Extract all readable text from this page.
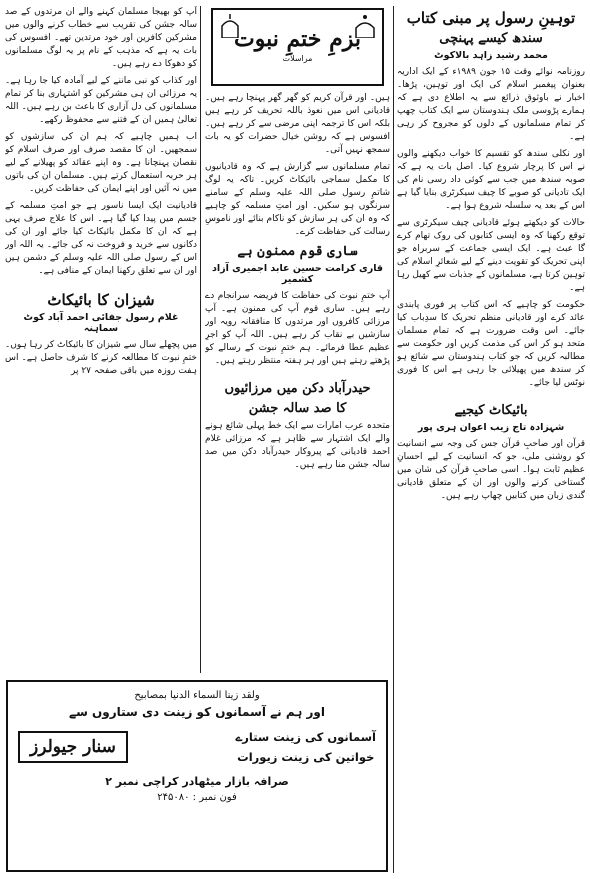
توہینِ رسول پر مبنی کتاب
سندھ کیسے پہنچی
محمد رشید زاہد بالاکوٹ

روزنامہ نوائے وقت ۱۵ جون ۱۹۸۹ء کے ایک اداریہ بعنوان پیغمبر اسلام کی ایک اور توہین، پڑھا۔ اخبار نے باوثوق ذرائع سے یہ اطلاع دی ہے کہ ہمارے پڑوسی ملک ہندوستان سے ایک کتاب چھپ کر تمام مسلمانوں کے دلوں کو مجروح کر رہی ہے۔

اور نکلی سندھ کو تقسیم کا خواب دیکھنے والوں نے اس کا پرچار شروع کیا۔ اصل بات یہ ہے کہ صوبہ سندھ میں جب سے کوئی داد رسی نام کی ایک تادیانی کو صوبے کا چیف سیکرٹری بنایا گیا ہے اس کے بعد یہ سلسلہ شروع ہوا ہے۔

حالات کو دیکھتے ہوئے قادیانی چیف سیکرٹری سے توقع رکھنا کہ وہ ایسی کتابوں کی روک تھام کرے گا عبث ہے۔ ایک ایسی جماعت کے سربراہ جو اپنی تحریک کو تقویت دینے کے لیے شعائرِ اسلام کی توہین کرتا ہے، مسلمانوں کے جذبات سے کھیل رہا ہے۔

حکومت کو چاہیے کہ اس کتاب پر فوری پابندی عائد کرے اور قادیانی منظم تحریک کا سدِباب کیا جائے۔ اس وقت ضرورت ہے کہ تمام مسلمان متحد ہو کر اس کی مذمت کریں اور حکومت سے مطالبہ کریں کہ جو کتاب ہندوستان سے شائع ہو کر سندھ میں پھیلائی جا رہی ہے اس کا فوری نوٹس لیا جائے۔

بائیکاٹ کیجیے
شہزادہ تاج زیب اعوان ہری پور

قرآن اور صاحبِ قرآن جس کی وجہ سے انسانیت کو روشنی ملی، جو کہ انسانیت کے لیے احسانِ عظیم ثابت ہوا۔ اسی صاحبِ قرآن کی شان میں گستاخی کرنے والوں اور ان کے متعلق قادیانی گندی زبان میں کتابیں چھاپ رہے ہیں۔

بزمِ ختمِ نبوت
مراسلات

ہیں۔ اور قرآن کریم کو گھر گھر پہنچا رہے ہیں۔ قادیانی اس میں نعوذ باللہ تحریف کر رہے ہیں بلکہ اس کا ترجمہ اپنی مرضی سے کر رہے ہیں۔ افسوس ہے کہ روشن خیال حضرات کو یہ بات سمجھ نہیں آتی۔

تمام مسلمانوں سے گزارش ہے کہ وہ قادیانیوں کا مکمل سماجی بائیکاٹ کریں۔ تاکہ یہ لوگ شاتمِ رسول صلی اللہ علیہ وسلم کے سامنے سرنگوں ہو سکیں۔ اور امتِ مسلمہ کو چاہیے کہ وہ ان کی ہر سازش کو ناکام بنائے اور ناموسِ رسالت کی حفاظت کرے۔

ساری قوم ممنون ہے
قاری کرامت حسین عابد اجمیری آزاد کشمیر

آپ ختمِ نبوت کی حفاظت کا فریضہ سرانجام دے رہے ہیں۔ ساری قوم آپ کی ممنون ہے۔ آپ مرزائی کافروں اور مرتدوں کا منافقانہ رویہ اور سازشیں بے نقاب کر رہے ہیں۔ اللہ آپ کو اجرِ عظیم عطا فرمائے۔ ہم ختمِ نبوت کے رسالے کو پڑھتے رہتے ہیں اور ہر ہفتہ منتظر رہتے ہیں۔

حیدرآباد دکن میں مرزائیوں
کا صد سالہ جشن

متحدہ عرب امارات سے ایک خط پہلی شائع ہونے والے ایک اشتہار سے ظاہر ہے کہ مرزائی غلام احمد قادیانی کے پیروکار حیدرآباد دکن میں صد سالہ جشن منا رہے ہیں۔

آپ کو بھیجا مسلمان کہنے والے ان مرتدوں کے صد سالہ جشن کی تقریب سے خطاب کرنے والوں میں مشرکین کافرین اور خود مرتدین تھے۔ افسوس کی بات یہ ہے کہ مذہب کے نام پر یہ لوگ مسلمانوں کو دھوکا دے رہے ہیں۔

اور کذاب کو نبی ماننے کے لیے آمادہ کیا جا رہا ہے۔ یہ مرزائی ان ہی مشرکین کو اشتہاری بنا کر تمام مسلمانوں کی دل آزاری کا باعث بن رہے ہیں۔ اللہ تعالیٰ ہمیں ان کے فتنے سے محفوظ رکھے۔

اب ہمیں چاہیے کہ ہم ان کی سازشوں کو سمجھیں۔ ان کا مقصد صرف اور صرف اسلام کو نقصان پہنچانا ہے۔ وہ اپنے عقائد کو پھیلانے کے لیے ہر حربہ استعمال کرتے ہیں۔ مسلمان ان کی باتوں میں نہ آئیں اور اپنے ایمان کی حفاظت کریں۔

قادیانیت ایک ایسا ناسور ہے جو امتِ مسلمہ کے جسم میں پیدا کیا گیا ہے۔ اس کا علاج صرف یہی ہے کہ ان کا مکمل بائیکاٹ کیا جائے اور ان کی دکانوں سے خرید و فروخت نہ کی جائے۔ یہ اللہ اور اس کے رسول صلی اللہ علیہ وسلم کے دشمن ہیں اور ان سے تعلق رکھنا ایمان کے منافی ہے۔

شیزان کا بائیکاٹ
غلام رسول جفائی احمد آباد کوٹ سماہنہ

میں پچھلے سال سے شیزان کا بائیکاٹ کر رہا ہوں۔ ختمِ نبوت کا مطالعہ کرنے کا شرف حاصل ہے۔ اس ہفت روزہ میں باقی صفحہ ۲۷ پر

ولقد زینا السماء الدنیا بمصابیح
اور ہم نے آسمانوں کو زینت دی ستاروں سے
آسمانوں کی زینت ستارے
خواتین کی زینت زیورات
سنار جیولرز
صرافہ بازار میٹھادر کراچی نمبر ۲
فون نمبر : ۲۴۵۰۸۰
